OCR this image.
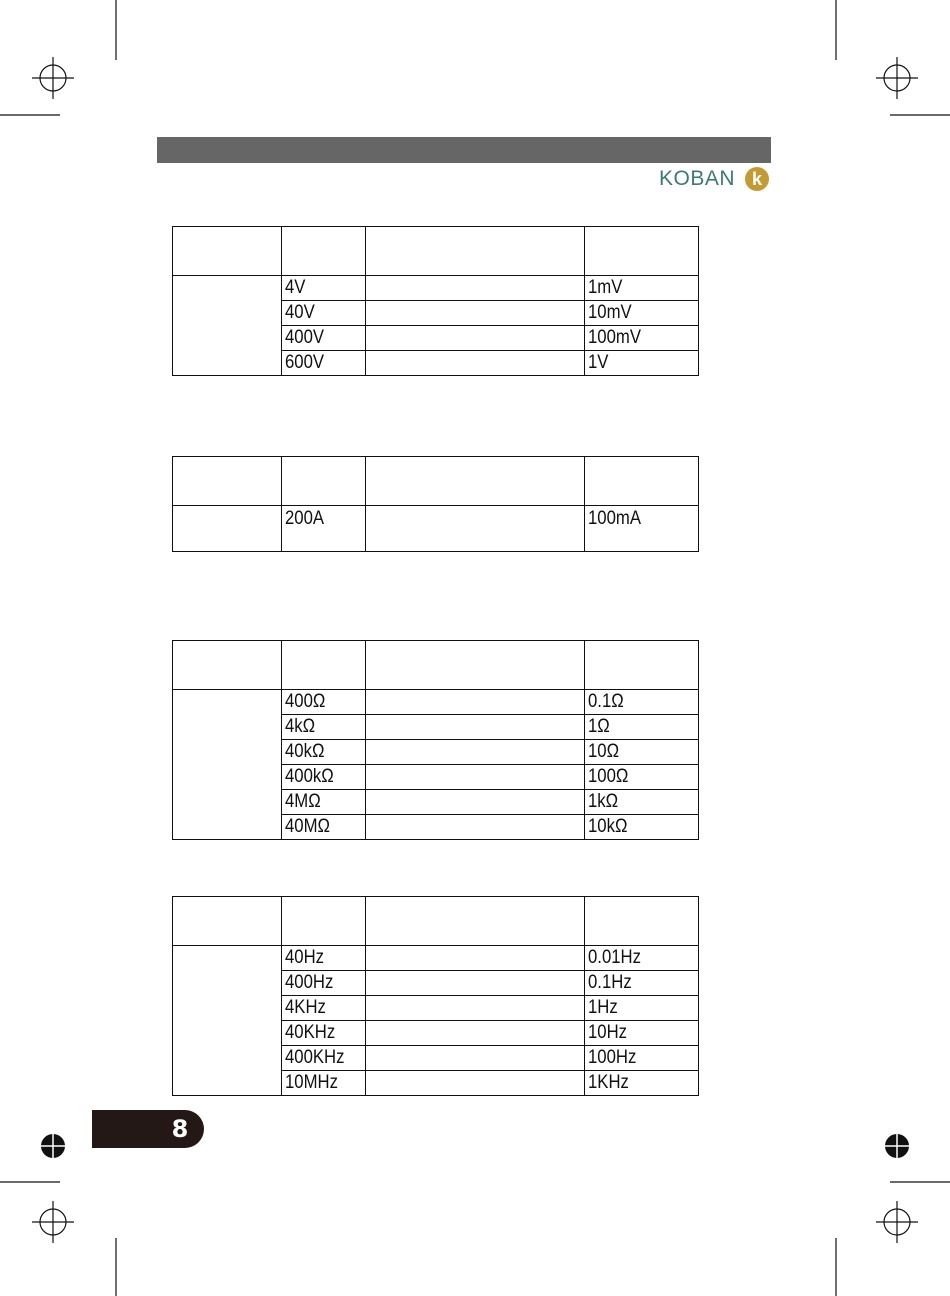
KOBAN k

	4V		1mV
	40V		10mV
	400V		100mV
	600V		1V

	200A		100mA

	400Ω		0.1Ω
	4kΩ		1Ω
	40kΩ		10Ω
	400kΩ		100Ω
	4MΩ		1kΩ
	40MΩ		10kΩ

	40Hz		0.01Hz
	400Hz		0.1Hz
	4KHz		1Hz
	40KHz		10Hz
	400KHz		100Hz
	10MHz		1KHz
8
